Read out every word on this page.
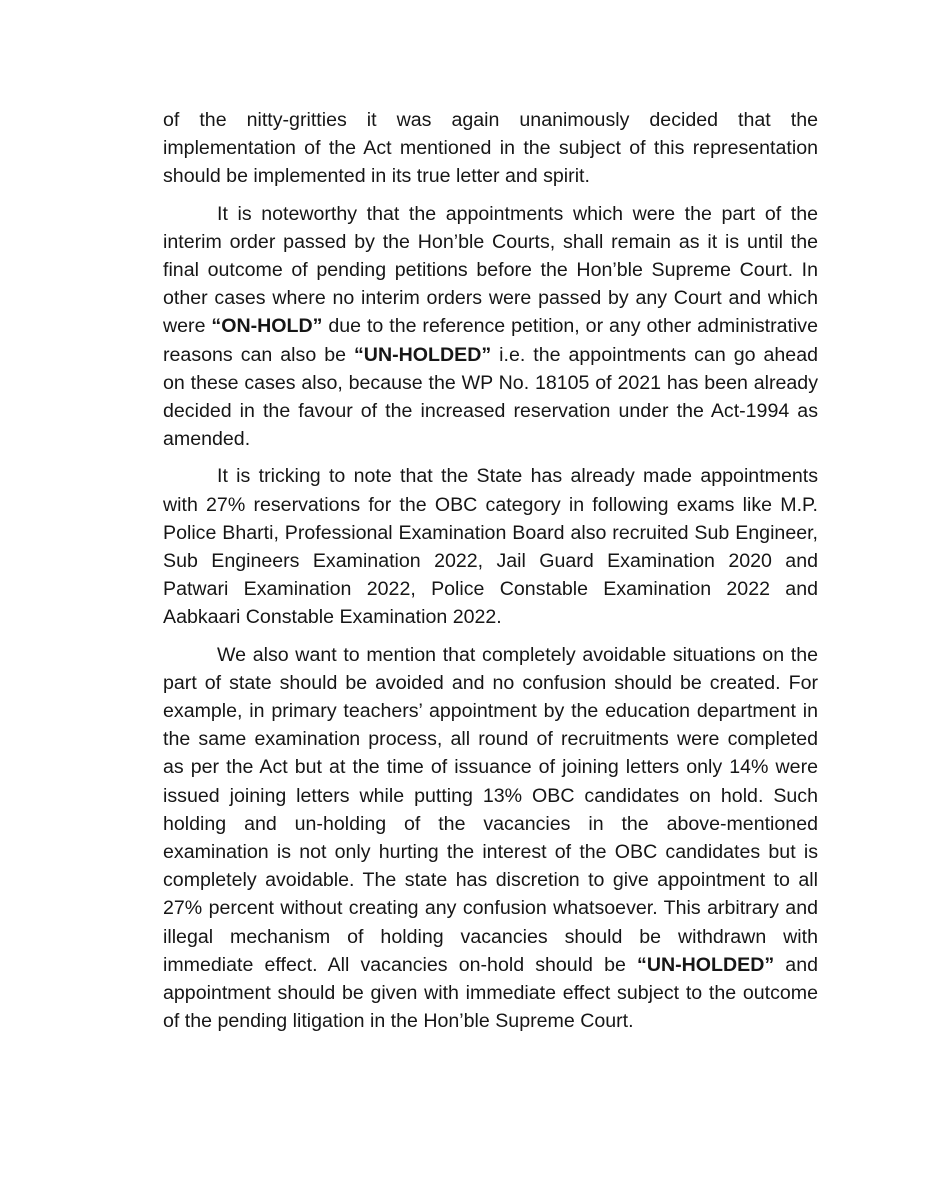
of the nitty-gritties it was again unanimously decided that the implementation of the Act mentioned in the subject of this representation should be implemented in its true letter and spirit.

It is noteworthy that the appointments which were the part of the interim order passed by the Hon’ble Courts, shall remain as it is until the final outcome of pending petitions before the Hon’ble Supreme Court. In other cases where no interim orders were passed by any Court and which were “ON-HOLD” due to the reference petition, or any other administrative reasons can also be “UN-HOLDED” i.e. the appointments can go ahead on these cases also, because the WP No. 18105 of 2021 has been already decided in the favour of the increased reservation under the Act-1994 as amended.

It is tricking to note that the State has already made appointments with 27% reservations for the OBC category in following exams like M.P. Police Bharti, Professional Examination Board also recruited Sub Engineer, Sub Engineers Examination 2022, Jail Guard Examination 2020 and Patwari Examination 2022, Police Constable Examination 2022 and Aabkaari Constable Examination 2022.

We also want to mention that completely avoidable situations on the part of state should be avoided and no confusion should be created. For example, in primary teachers’ appointment by the education department in the same examination process, all round of recruitments were completed as per the Act but at the time of issuance of joining letters only 14% were issued joining letters while putting 13% OBC candidates on hold. Such holding and un-holding of the vacancies in the above-mentioned examination is not only hurting the interest of the OBC candidates but is completely avoidable. The state has discretion to give appointment to all 27% percent without creating any confusion whatsoever. This arbitrary and illegal mechanism of holding vacancies should be withdrawn with immediate effect. All vacancies on-hold should be “UN-HOLDED” and appointment should be given with immediate effect subject to the outcome of the pending litigation in the Hon’ble Supreme Court.
